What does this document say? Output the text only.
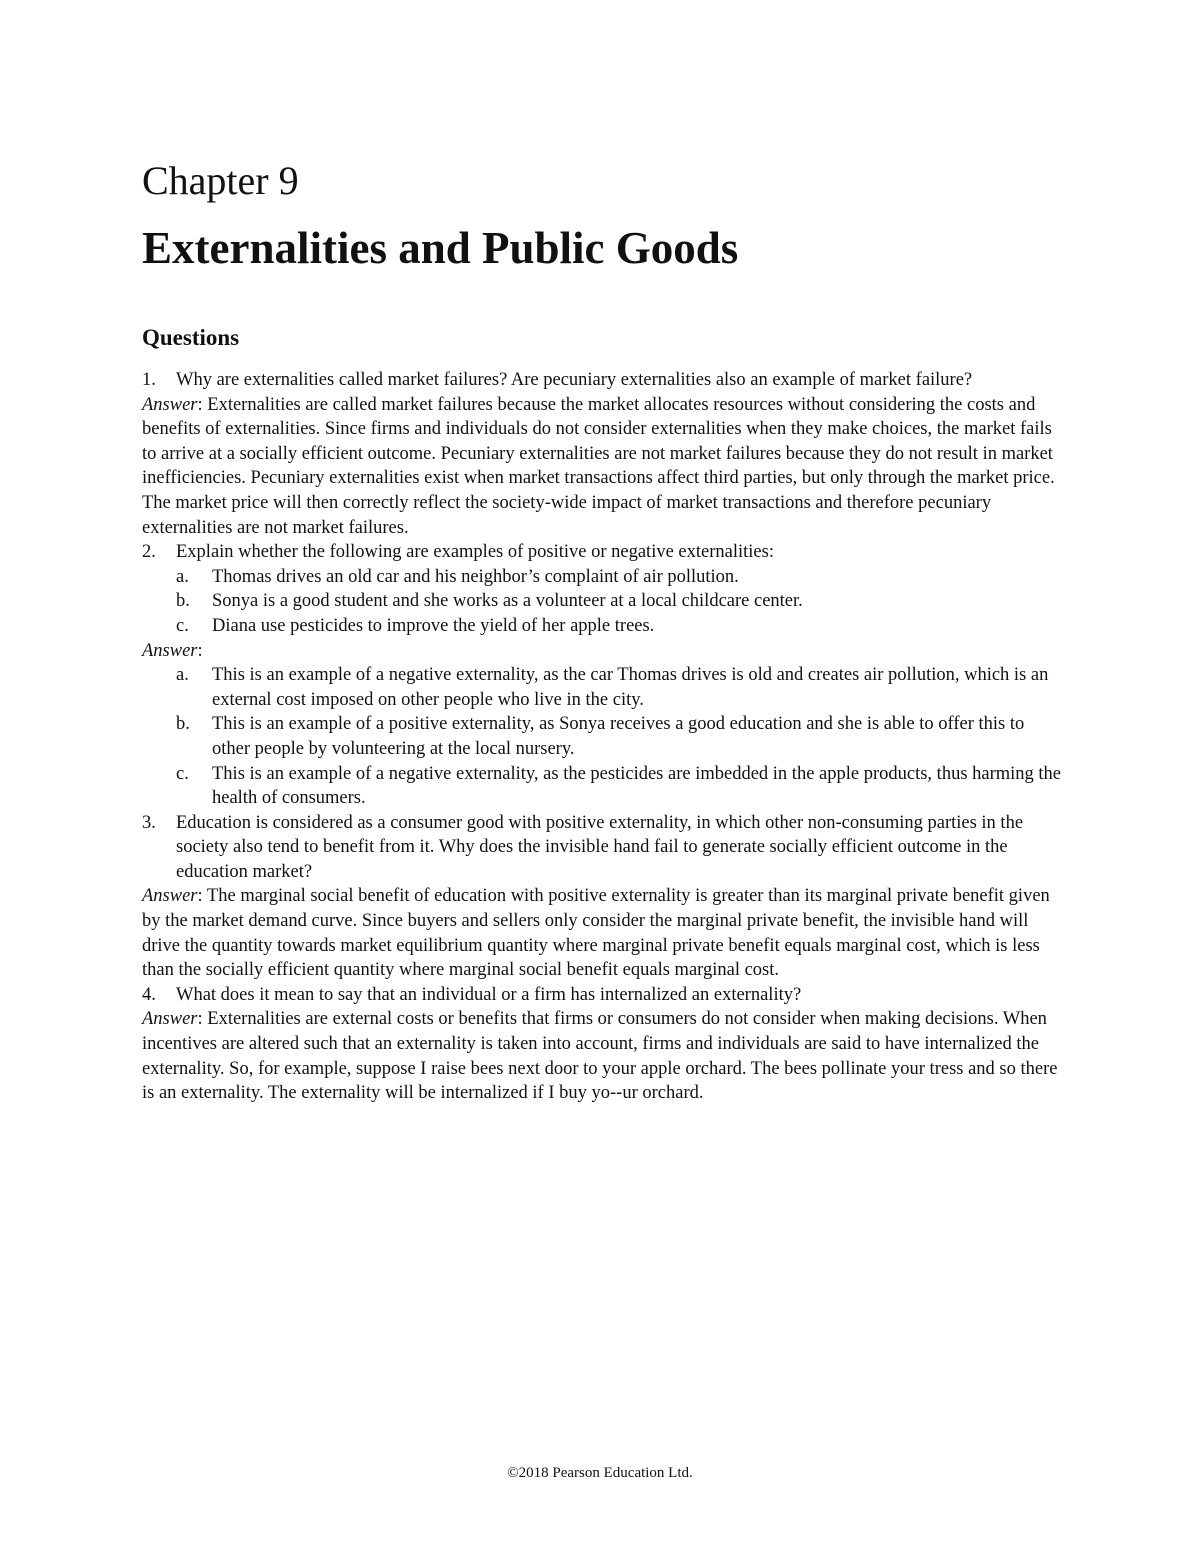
Chapter 9
Externalities and Public Goods
Questions

1.	Why are externalities called market failures? Are pecuniary externalities also an example of market failure?

Answer: Externalities are called market failures because the market allocates resources without considering the costs and benefits of externalities. Since firms and individuals do not consider externalities when they make choices, the market fails to arrive at a socially efficient outcome. Pecuniary externalities are not market failures because they do not result in market inefficiencies. Pecuniary externalities exist when market transactions affect third parties, but only through the market price. The market price will then correctly reflect the society-wide impact of market transactions and therefore pecuniary externalities are not market failures.

2.	Explain whether the following are examples of positive or negative externalities:

a.	Thomas drives an old car and his neighbor’s complaint of air pollution.

b.	Sonya is a good student and she works as a volunteer at a local childcare center.

c.	Diana use pesticides to improve the yield of her apple trees.

Answer:

a.	This is an example of a negative externality, as the car Thomas drives is old and creates air pollution, which is an external cost imposed on other people who live in the city.

b.	This is an example of a positive externality, as Sonya receives a good education and she is able to offer this to other people by volunteering at the local nursery.

c.	This is an example of a negative externality, as the pesticides are imbedded in the apple products, thus harming the health of consumers.

3.	Education is considered as a consumer good with positive externality, in which other non-consuming parties in the society also tend to benefit from it. Why does the invisible hand fail to generate socially efficient outcome in the education market?

Answer: The marginal social benefit of education with positive externality is greater than its marginal private benefit given by the market demand curve. Since buyers and sellers only consider the marginal private benefit, the invisible hand will drive the quantity towards market equilibrium quantity where marginal private benefit equals marginal cost, which is less than the socially efficient quantity where marginal social benefit equals marginal cost.

4.	What does it mean to say that an individual or a firm has internalized an externality?

Answer: Externalities are external costs or benefits that firms or consumers do not consider when making decisions. When incentives are altered such that an externality is taken into account, firms and individuals are said to have internalized the externality. So, for example, suppose I raise bees next door to your apple orchard. The bees pollinate your tress and so there is an externality. The externality will be internalized if I buy yo--ur orchard.

©2018 Pearson Education Ltd.
